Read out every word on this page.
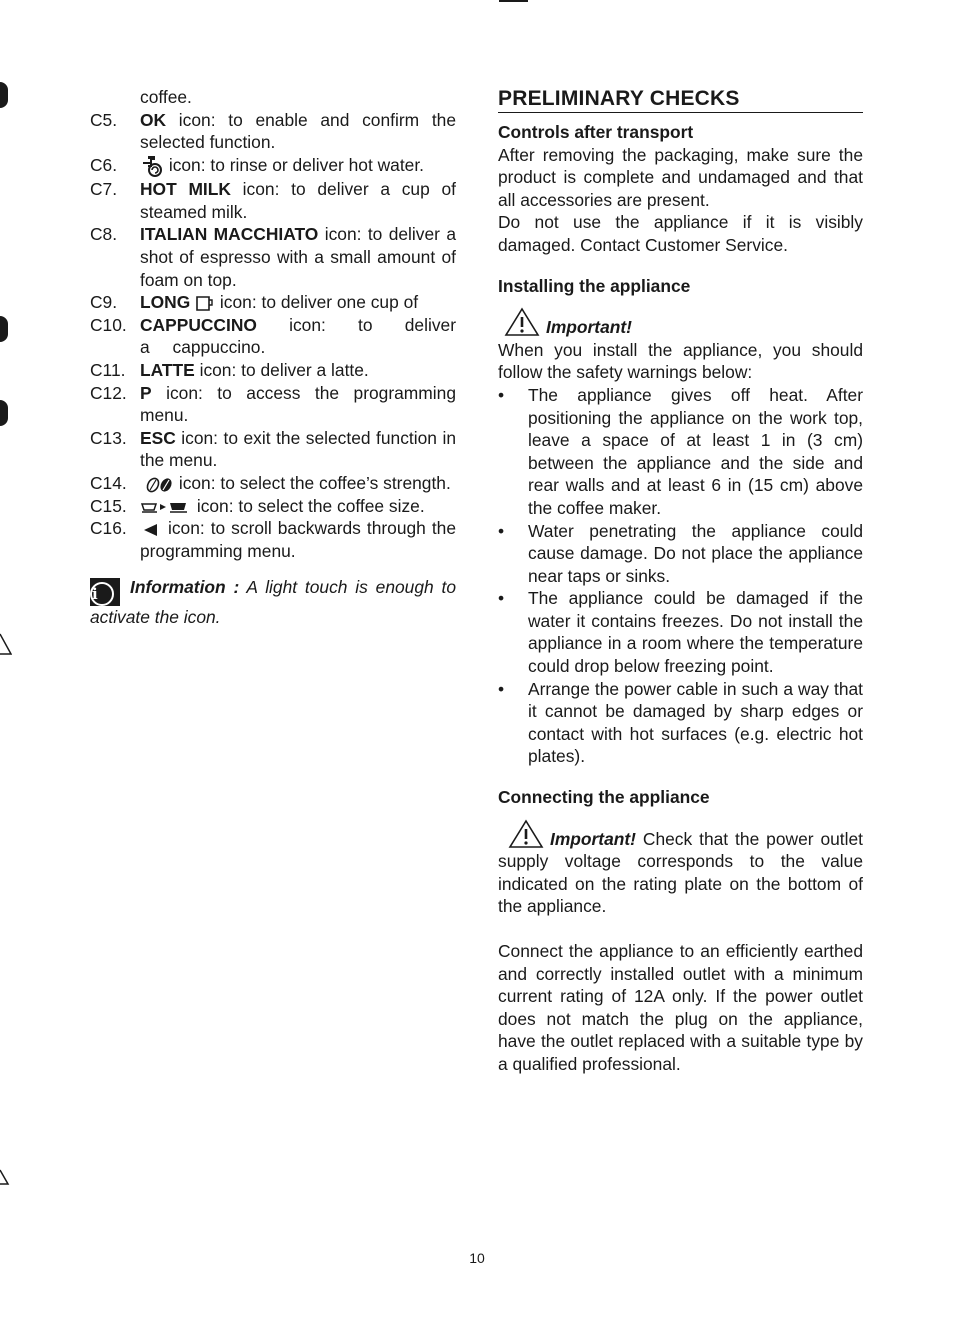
coffee.
C5.	OK icon: to enable and confirm the selected function.
C6.	icon: to rinse or deliver hot water.
C7.	HOT MILK icon: to deliver a cup of steamed milk.
C8.	ITALIAN MACCHIATO icon: to deliver a shot of espresso with a small amount of foam on top.
C9.	LONG  icon: to deliver one cup of
C10. CAPPUCCINO icon: to deliver a cappuccino.
C11. LATTE icon: to deliver a latte.
C12. P icon: to access the programming menu.
C13. ESC icon: to exit the selected function in the menu.
C14.	icon: to select the coffee’s strength.
C15.	icon: to select the coffee size.
C16.	icon: to scroll backwards through the programming menu.
i Information : A light touch is enough to activate the icon.
PRELIMINARY CHECKS
Controls after transport

After removing the packaging, make sure the product is complete and undamaged and that all accessories are present.

Do not use the appliance if it is visibly damaged. Contact Customer Service.

Installing the appliance
Important!

When you install the appliance, you should follow the safety warnings below:

• The appliance gives off heat. After positioning the appliance on the work top, leave a space of at least 1 in (3 cm) between the appliance and the side and rear walls and at least 6 in (15 cm) above the coffee maker.
• Water penetrating the appliance could cause damage. Do not place the appliance near taps or sinks.
• The appliance could be damaged if the water it contains freezes. Do not install the appliance in a room where the temperature could drop below freezing point.
• Arrange the power cable in such a way that it cannot be damaged by sharp edges or contact with hot surfaces (e.g. electric hot plates).
Connecting the appliance

Important! Check that the power outlet supply voltage corresponds to the value indicated on the rating plate on the bottom of the appliance.

Connect the appliance to an efficiently earthed and correctly installed outlet with a minimum current rating of 12A only. If the power outlet does not match the plug on the appliance, have the outlet replaced with a suitable type by a qualified professional.

10
